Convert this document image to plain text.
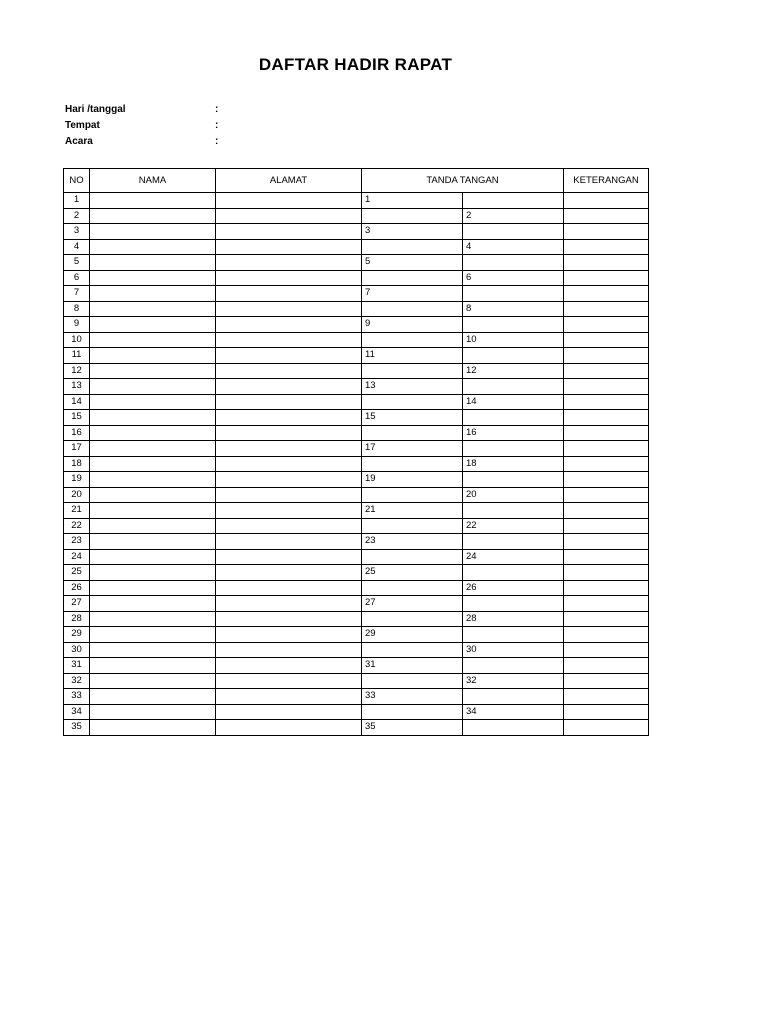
DAFTAR HADIR RAPAT
Hari /tanggal	:
Tempat	:
Acara	:
NO	NAMA	ALAMAT	TANDA TANGAN		KETERANGAN
1			1		
2				2	
3			3		
4				4	
5			5		
6				6	
7			7		
8				8	
9			9		
10				10	
11			11		
12				12	
13			13		
14				14	
15			15		
16				16	
17			17		
18				18	
19			19		
20				20	
21			21		
22				22	
23			23		
24				24	
25			25		
26				26	
27			27		
28				28	
29			29		
30				30	
31			31		
32				32	
33			33		
34				34	
35			35		
